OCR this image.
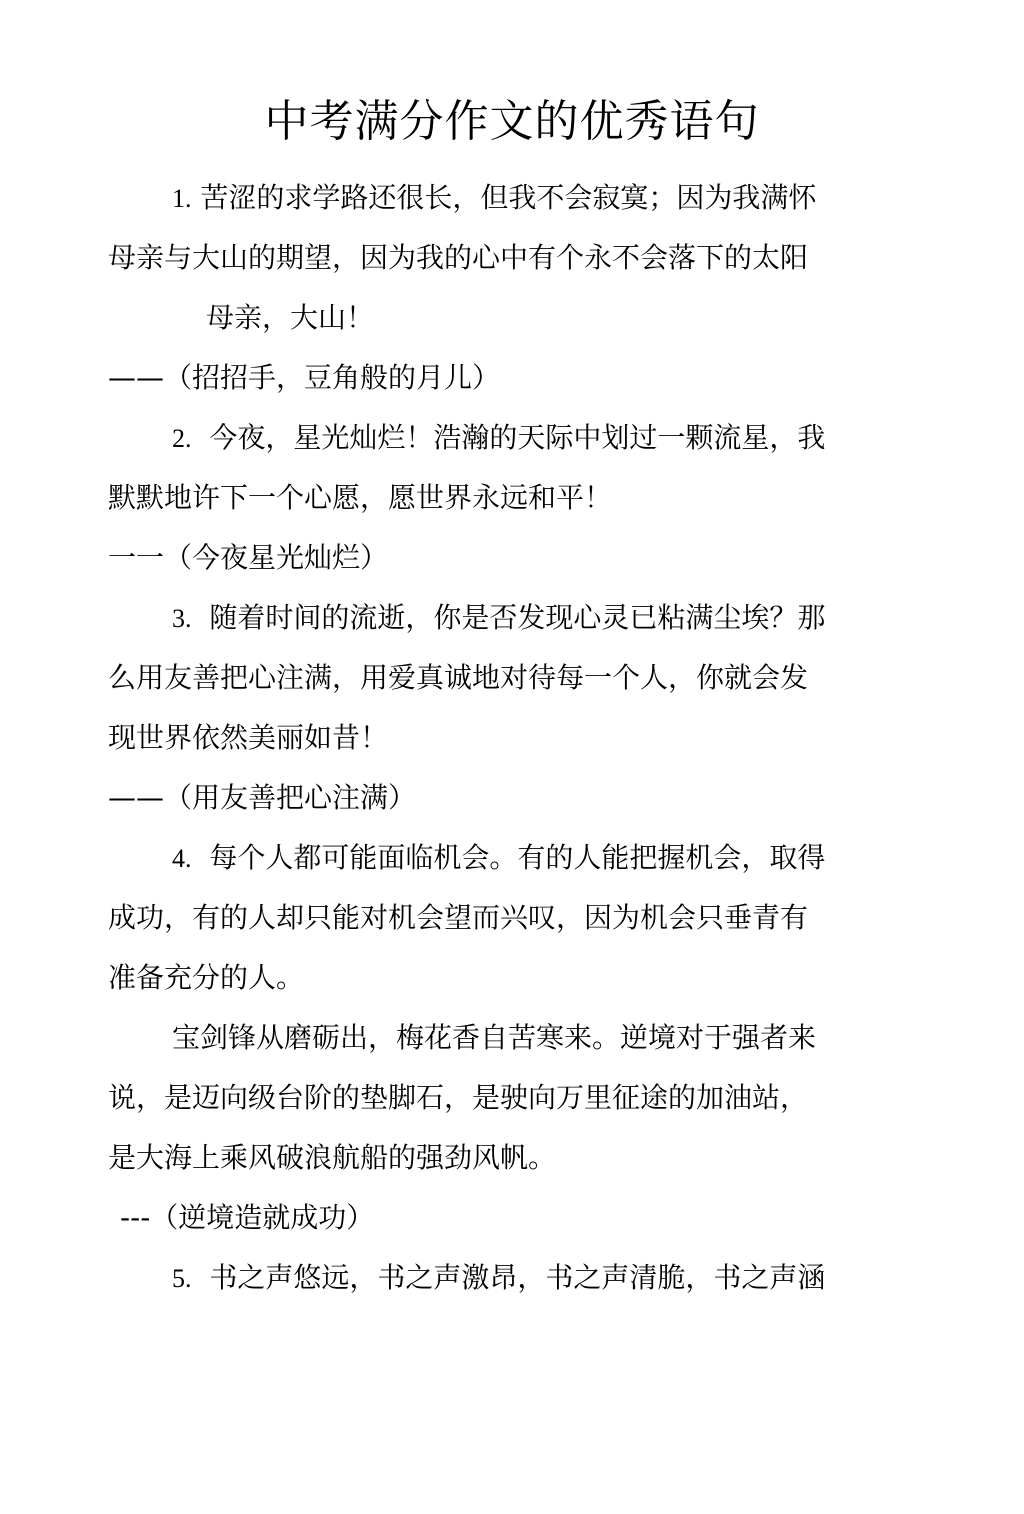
中考满分作文的优秀语句
1. 苦涩的求学路还很长，但我不会寂寞；因为我满怀
母亲与大山的期望，因为我的心中有个永不会落下的太阳
母亲，大山！
——（招招手，豆角般的月儿）
2. 今夜，星光灿烂！浩瀚的天际中划过一颗流星，我
默默地许下一个心愿，愿世界永远和平！
一一（今夜星光灿烂）
3. 随着时间的流逝，你是否发现心灵已粘满尘埃？那
么用友善把心注满，用爱真诚地对待每一个人，你就会发
现世界依然美丽如昔！
——（用友善把心注满）
4. 每个人都可能面临机会。有的人能把握机会，取得
成功，有的人却只能对机会望而兴叹，因为机会只垂青有
准备充分的人。
宝剑锋从磨砺出，梅花香自苦寒来。逆境对于强者来
说，是迈向级台阶的垫脚石，是驶向万里征途的加油站，
是大海上乘风破浪航船的强劲风帆。
---（逆境造就成功）
5. 书之声悠远，书之声激昂，书之声清脆，书之声涵
